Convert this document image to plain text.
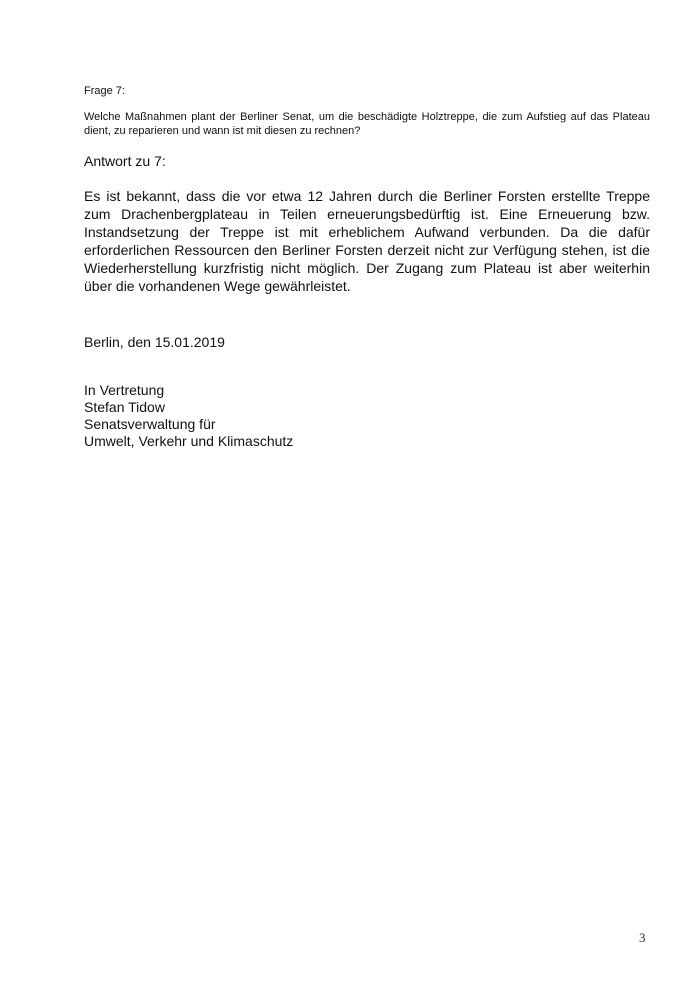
Frage 7:

Welche Maßnahmen plant der Berliner Senat, um die beschädigte Holztreppe, die zum Aufstieg auf das Plateau dient, zu reparieren und wann ist mit diesen zu rechnen?

Antwort zu 7:

Es ist bekannt, dass die vor etwa 12 Jahren durch die Berliner Forsten erstellte Treppe zum Drachenbergplateau in Teilen erneuerungsbedürftig ist. Eine Erneuerung bzw. Instandsetzung der Treppe ist mit erheblichem Aufwand verbunden. Da die dafür erforderlichen Ressourcen den Berliner Forsten derzeit nicht zur Verfügung stehen, ist die Wiederherstellung kurzfristig nicht möglich. Der Zugang zum Plateau ist aber weiterhin über die vorhandenen Wege gewährleistet.

Berlin, den 15.01.2019

In Vertretung
Stefan Tidow
Senatsverwaltung für
Umwelt, Verkehr und Klimaschutz

3
